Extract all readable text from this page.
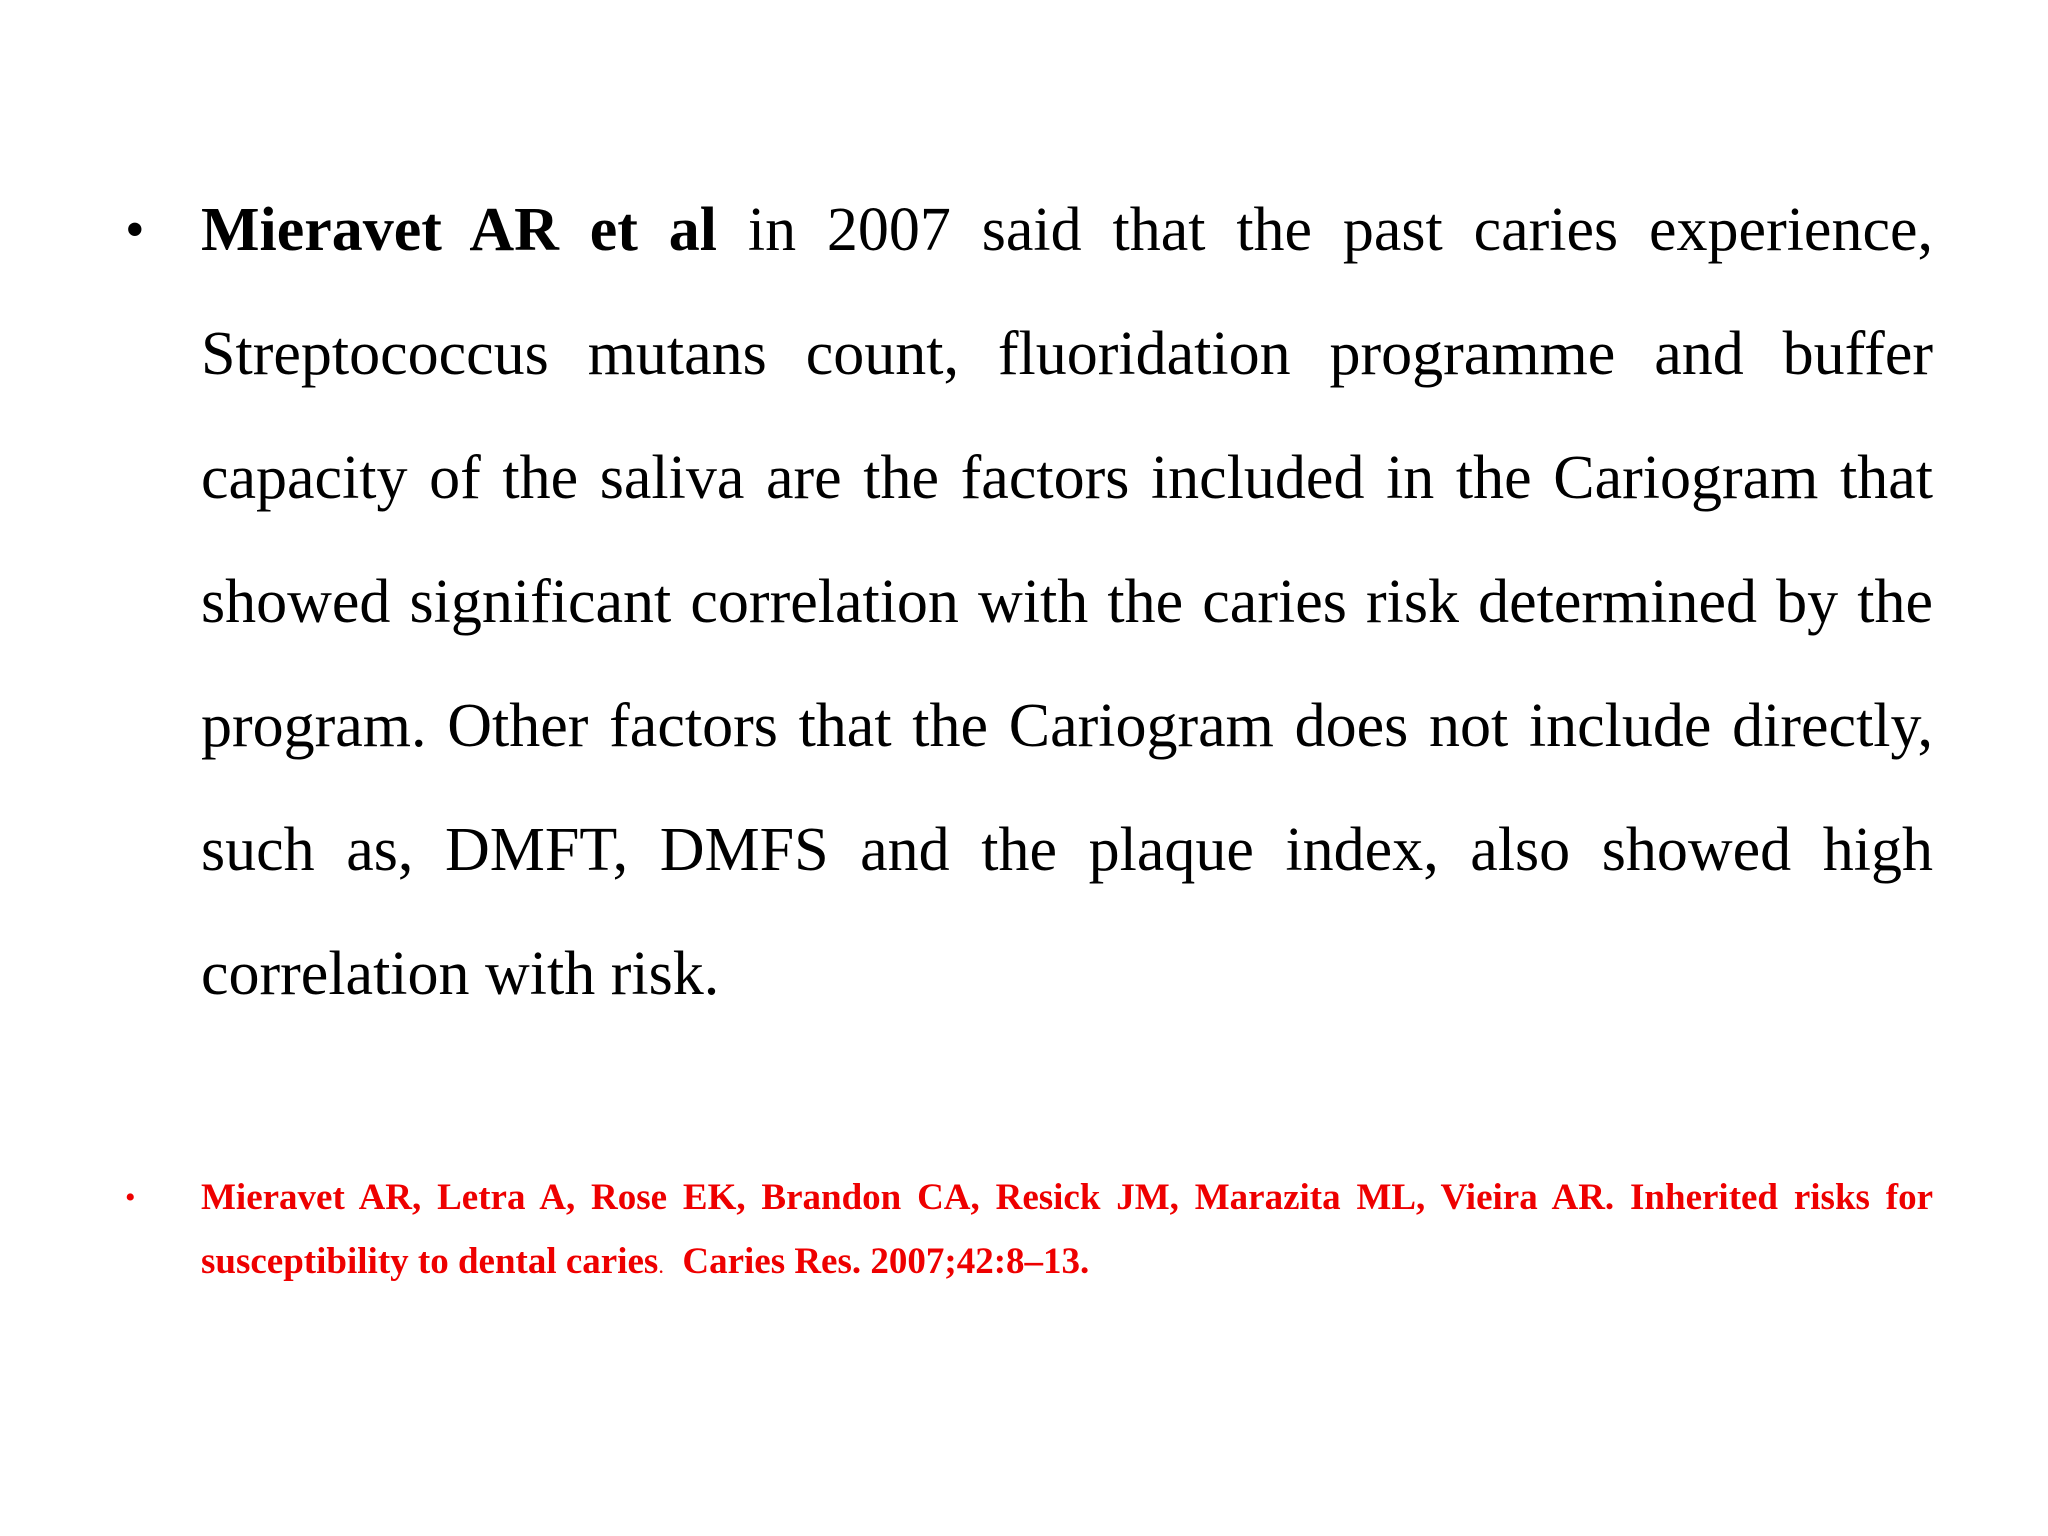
• Mieravet AR et al in 2007 said that the past caries experience, Streptococcus mutans count, fluoridation programme and buffer capacity of the saliva are the factors included in the Cariogram that showed significant correlation with the caries risk determined by the program. Other factors that the Cariogram does not include directly, such as, DMFT, DMFS and the plaque index, also showed high correlation with risk.

• Mieravet AR, Letra A, Rose EK, Brandon CA, Resick JM, Marazita ML, Vieira AR. Inherited risks for susceptibility to dental caries.  Caries Res. 2007;42:8–13.
